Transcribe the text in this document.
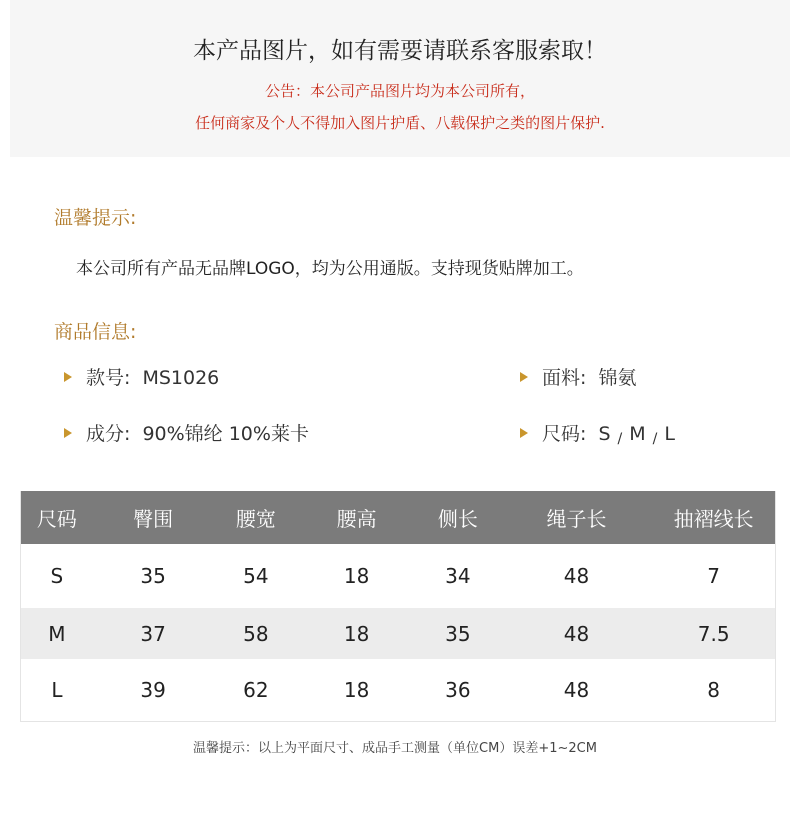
本产品图片，如有需要请联系客服索取！
公告：本公司产品图片均为本公司所有，
任何商家及个人不得加入图片护盾、八载保护之类的图片保护.
温馨提示:
本公司所有产品无品牌LOGO，均为公用通版。支持现货贴牌加工。
商品信息:
款号: MS1026	面料: 锦氨
成分: 90%锦纶 10%莱卡	尺码: S / M / L
尺码	臀围	腰宽	腰高	侧长	绳子长	抽褶线长
S	35	54	18	34	48	7
M	37	58	18	35	48	7.5
L	39	62	18	36	48	8
温馨提示：以上为平面尺寸、成品手工测量（单位CM）误差+1~2CM
